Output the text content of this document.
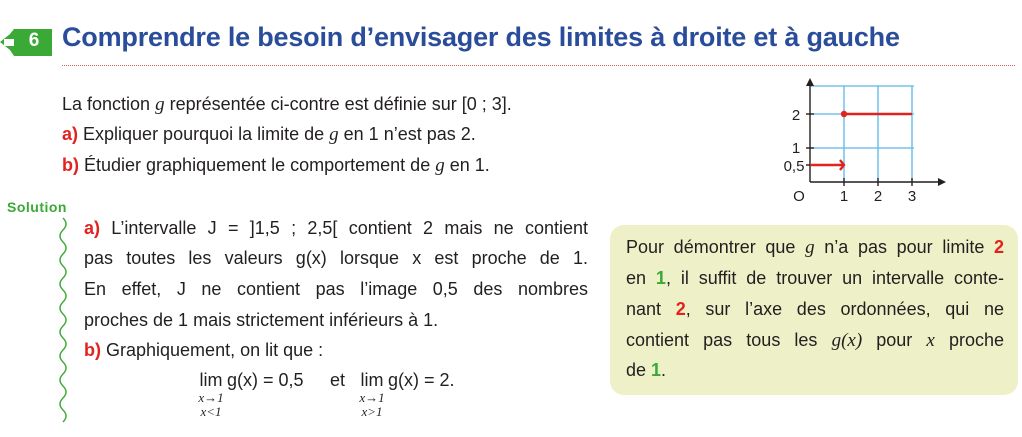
6 Comprendre le besoin d’envisager des limites à droite et à gauche
La fonction g représentée ci-contre est définie sur [0 ; 3].
a) Expliquer pourquoi la limite de g en 1 n’est pas 2.
b) Étudier graphiquement le comportement de g en 1.
2
1
0,5
O 1 2 3
Solution
a) L’intervalle J = ]1,5 ; 2,5[ contient 2 mais ne contient
pas toutes les valeurs g(x) lorsque x est proche de 1.
En effet, J ne contient pas l’image 0,5 des nombres
proches de 1 mais strictement inférieurs à 1.
b) Graphiquement, on lit que :
lim
x→1
x<1
g(x) = 0,5 et lim
x→1
x>1
g(x) = 2.
Pour démontrer que g n’a pas pour limite 2
en 1, il suffit de trouver un intervalle conte-
nant 2, sur l’axe des ordonnées, qui ne
contient pas tous les g(x) pour x proche
de 1.
